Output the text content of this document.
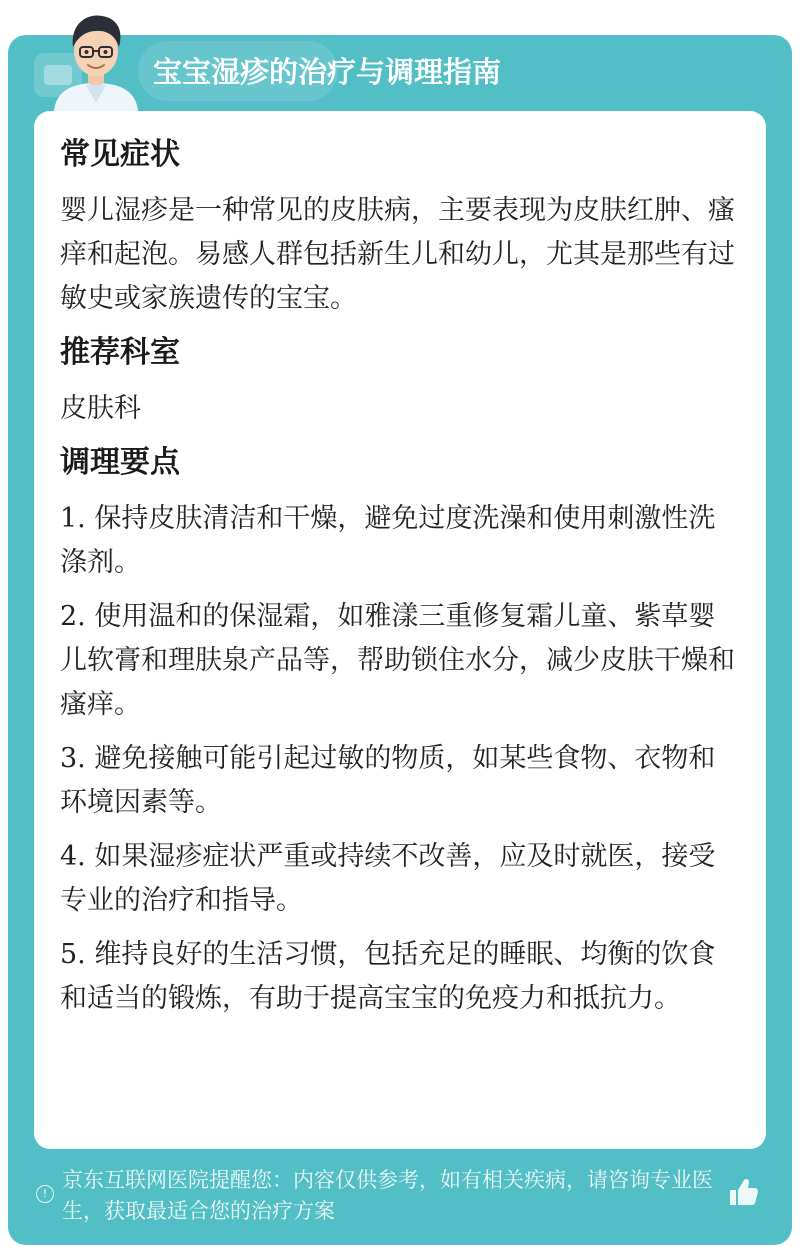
宝宝湿疹的治疗与调理指南
常见症状
婴儿湿疹是一种常见的皮肤病，主要表现为皮肤红肿、瘙痒和起泡。易感人群包括新生儿和幼儿，尤其是那些有过敏史或家族遗传的宝宝。
推荐科室
皮肤科
调理要点
1. 保持皮肤清洁和干燥，避免过度洗澡和使用刺激性洗涤剂。
2. 使用温和的保湿霜，如雅漾三重修复霜儿童、紫草婴儿软膏和理肤泉产品等，帮助锁住水分，减少皮肤干燥和瘙痒。
3. 避免接触可能引起过敏的物质，如某些食物、衣物和环境因素等。
4. 如果湿疹症状严重或持续不改善，应及时就医，接受专业的治疗和指导。
5. 维持良好的生活习惯，包括充足的睡眠、均衡的饮食和适当的锻炼，有助于提高宝宝的免疫力和抵抗力。
!
京东互联网医院提醒您：内容仅供参考，如有相关疾病，请咨询专业医生，获取最适合您的治疗方案
